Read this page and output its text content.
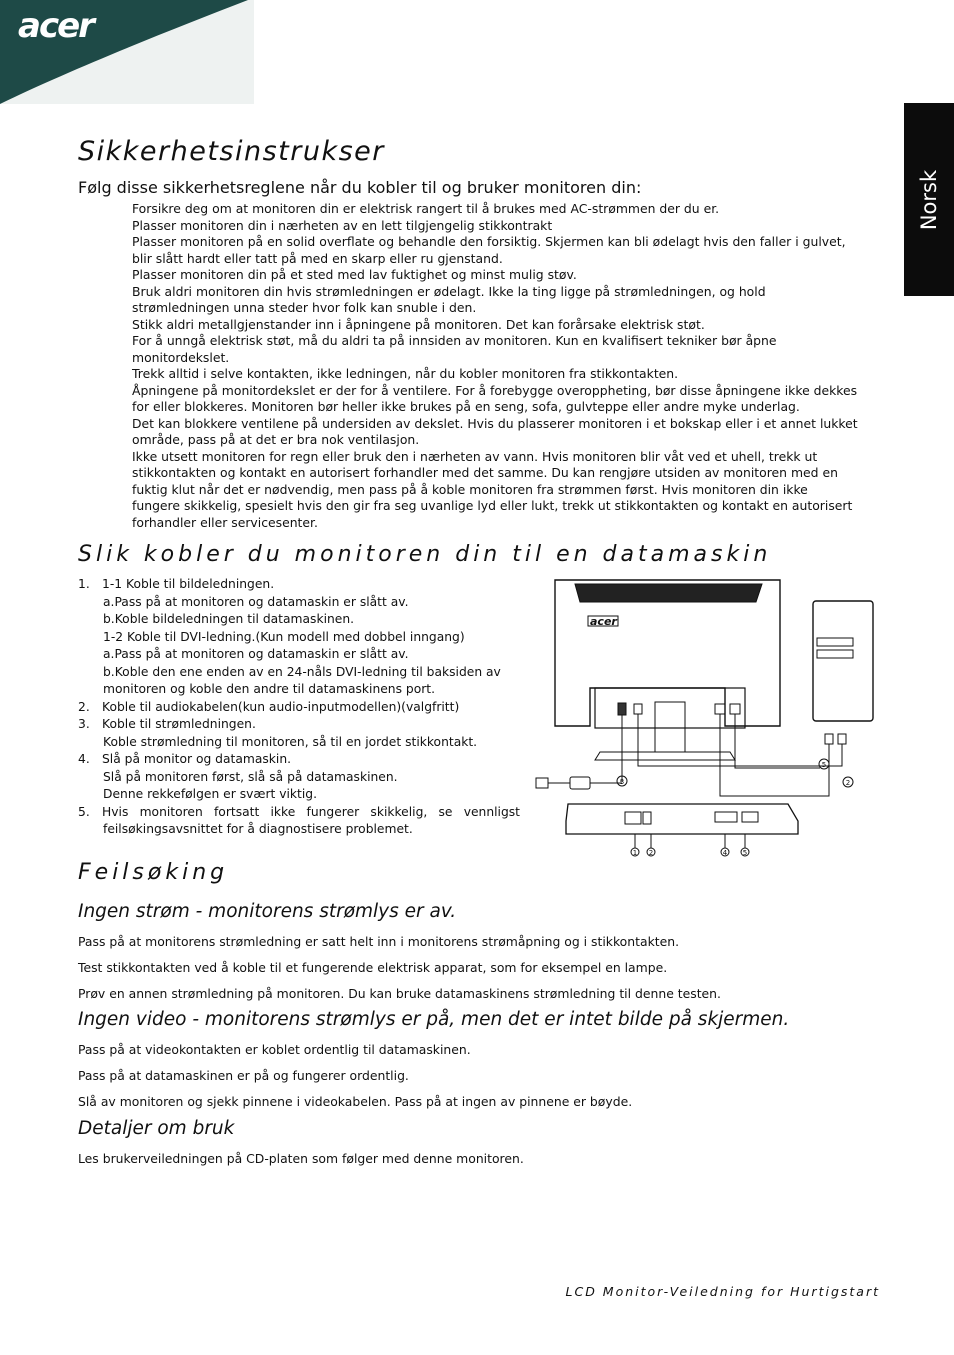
acer
Norsk
Sikkerhetsinstrukser

Følg disse sikkerhetsreglene når du kobler til og bruker monitoren din:

Forsikre deg om at monitoren din er elektrisk rangert til å brukes med AC-strømmen der du er.
Plasser monitoren din i nærheten av en lett tilgjengelig stikkontrakt
Plasser monitoren på en solid overflate og behandle den forsiktig. Skjermen kan bli ødelagt hvis den faller i gulvet,
blir slått hardt eller tatt på med en skarp eller ru gjenstand.
Plasser monitoren din på et sted med lav fuktighet og minst mulig støv.
Bruk aldri monitoren din hvis strømledningen er ødelagt. Ikke la ting ligge på strømledningen, og hold
strømledningen unna steder hvor folk kan snuble i den.
Stikk aldri metallgjenstander inn i åpningene på monitoren. Det kan forårsake elektrisk støt.
For å unngå elektrisk støt, må du aldri ta på innsiden av monitoren. Kun en kvalifisert tekniker bør åpne
monitordekslet.
Trekk alltid i selve kontakten, ikke ledningen, når du kobler monitoren fra stikkontakten.
Åpningene på monitordekslet er der for å ventilere. For å forebygge overoppheting, bør disse åpningene ikke dekkes
for eller blokkeres. Monitoren bør heller ikke brukes på en seng, sofa, gulvteppe eller andre myke underlag.
Det kan blokkere ventilene på undersiden av dekslet. Hvis du plasserer monitoren i et bokskap eller i et annet lukket
område, pass på at det er bra nok ventilasjon.
Ikke utsett monitoren for regn eller bruk den i nærheten av vann. Hvis monitoren blir våt ved et uhell, trekk ut
stikkontakten og kontakt en autorisert forhandler med det samme. Du kan rengjøre utsiden av monitoren med en
fuktig klut når det er nødvendig, men pass på å koble monitoren fra strømmen først. Hvis monitoren din ikke
fungere skikkelig, spesielt hvis den gir fra seg uvanlige lyd eller lukt, trekk ut stikkontakten og kontakt en autorisert
forhandler eller servicesenter.
Slik kobler du monitoren din til en datamaskin
1. 1-1 Koble til bildeledningen.
a.Pass på at monitoren og datamaskin er slått av.
b.Koble bildeledningen til datamaskinen.
1-2 Koble til DVI-ledning.(Kun modell med dobbel inngang)
a.Pass på at monitoren og datamaskin er slått av.
b.Koble den ene enden av en 24-nåls DVI-ledning til baksiden av
monitoren og koble den andre til datamaskinens port.
2. Koble til audiokabelen(kun audio-inputmodellen)(valgfritt)
3. Koble til strømledningen.
Koble strømledning til monitoren, så til en jordet stikkontakt.
4. Slå på monitor og datamaskin.
Slå på monitoren først, slå så på datamaskinen.
Denne rekkefølgen er svært viktig.
5. Hvis monitoren fortsatt ikke fungerer skikkelig, se vennligst
feilsøkingsavsnittet for å diagnostisere problemet.
acer
3
5
2
1 2	4 5
Feilsøking
Ingen strøm - monitorens strømlys er av.

Pass på at monitorens strømledning er satt helt inn i monitorens strømåpning og i stikkontakten.

Test stikkontakten ved å koble til et fungerende elektrisk apparat, som for eksempel en lampe.

Prøv en annen strømledning på monitoren. Du kan bruke datamaskinens strømledning til denne testen.

Ingen video - monitorens strømlys er på, men det er intet bilde på skjermen.

Pass på at videokontakten er koblet ordentlig til datamaskinen.

Pass på at datamaskinen er på og fungerer ordentlig.

Slå av monitoren og sjekk pinnene i videokabelen. Pass på at ingen av pinnene er bøyde.

Detaljer om bruk

Les brukerveiledningen på CD-platen som følger med denne monitoren.

LCD Monitor-Veiledning for Hurtigstart
